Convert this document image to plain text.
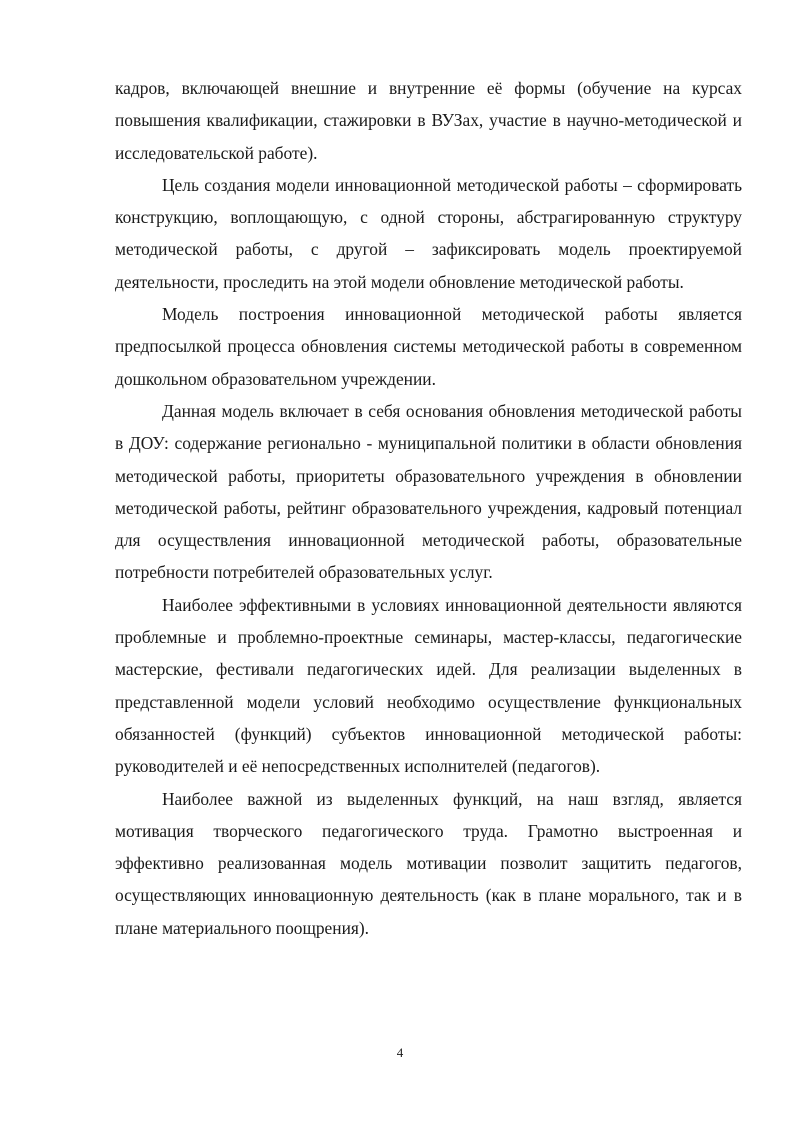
кадров, включающей внешние и внутренние её формы (обучение на курсах повышения квалификации, стажировки в ВУЗах, участие в научно-методической и исследовательской работе).

Цель создания модели инновационной методической работы – сформировать конструкцию, воплощающую, с одной стороны, абстрагированную структуру методической работы, с другой – зафиксировать модель проектируемой деятельности, проследить на этой модели обновление методической работы.

Модель построения инновационной методической работы является предпосылкой процесса обновления системы методической работы в современном дошкольном образовательном учреждении.

Данная модель включает в себя основания обновления методической работы в ДОУ: содержание регионально - муниципальной политики в области обновления методической работы, приоритеты образовательного учреждения в обновлении методической работы, рейтинг образовательного учреждения, кадровый потенциал для осуществления инновационной методической работы, образовательные потребности потребителей образовательных услуг.

Наиболее эффективными в условиях инновационной деятельности являются проблемные и проблемно-проектные семинары, мастер-классы, педагогические мастерские, фестивали педагогических идей. Для реализации выделенных в представленной модели условий необходимо осуществление функциональных обязанностей (функций) субъектов инновационной методической работы: руководителей и её непосредственных исполнителей (педагогов).

Наиболее важной из выделенных функций, на наш взгляд, является мотивация творческого педагогического труда. Грамотно выстроенная и эффективно реализованная модель мотивации позволит защитить педагогов, осуществляющих инновационную деятельность (как в плане морального, так и в плане материального поощрения).

4
